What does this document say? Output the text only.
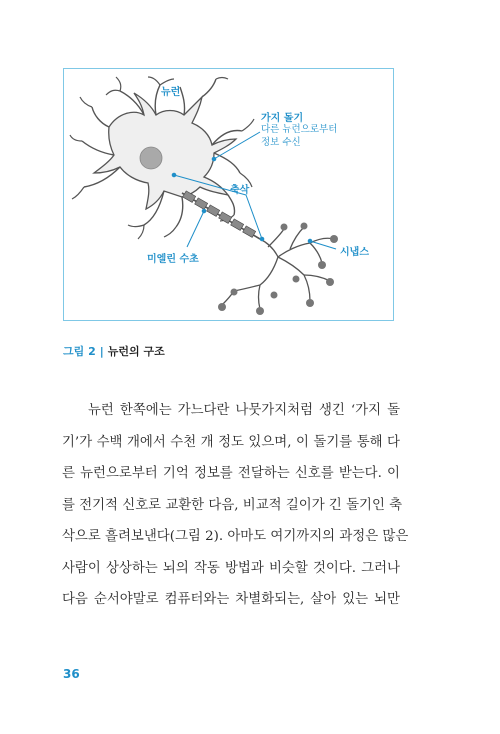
뉴런
가지 돌기
다른 뉴런으로부터
정보 수신
축삭
미엘린 수초
시냅스
그림 2 | 뉴런의 구조
뉴런 한쪽에는 가느다란 나뭇가지처럼 생긴 ‘가지 돌
기’가 수백 개에서 수천 개 정도 있으며, 이 돌기를 통해 다
른 뉴런으로부터 기억 정보를 전달하는 신호를 받는다. 이
를 전기적 신호로 교환한 다음, 비교적 길이가 긴 돌기인 축
삭으로 흘려보낸다(그림 2). 아마도 여기까지의 과정은 많은
사람이 상상하는 뇌의 작동 방법과 비슷할 것이다. 그러나
다음 순서야말로 컴퓨터와는 차별화되는, 살아 있는 뇌만
36
